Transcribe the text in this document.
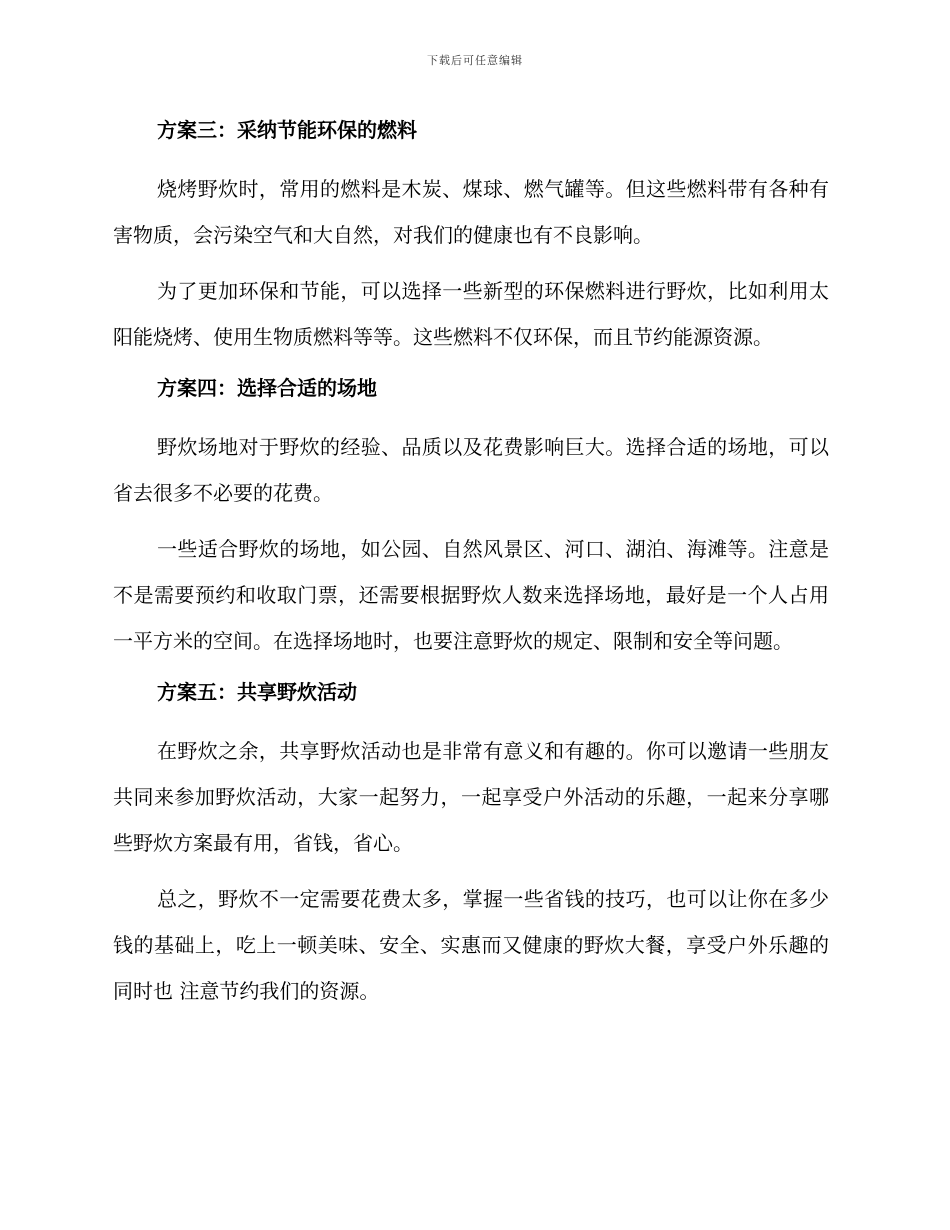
下载后可任意编辑
方案三：采纳节能环保的燃料

烧烤野炊时，常用的燃料是木炭、煤球、燃气罐等。但这些燃料带有各种有害物质，会污染空气和大自然，对我们的健康也有不良影响。

为了更加环保和节能，可以选择一些新型的环保燃料进行野炊，比如利用太阳能烧烤、使用生物质燃料等等。这些燃料不仅环保，而且节约能源资源。

方案四：选择合适的场地

野炊场地对于野炊的经验、品质以及花费影响巨大。选择合适的场地，可以省去很多不必要的花费。

一些适合野炊的场地，如公园、自然风景区、河口、湖泊、海滩等。注意是不是需要预约和收取门票，还需要根据野炊人数来选择场地，最好是一个人占用一平方米的空间。在选择场地时，也要注意野炊的规定、限制和安全等问题。

方案五：共享野炊活动

在野炊之余，共享野炊活动也是非常有意义和有趣的。你可以邀请一些朋友共同来参加野炊活动，大家一起努力，一起享受户外活动的乐趣，一起来分享哪些野炊方案最有用，省钱，省心。

总之，野炊不一定需要花费太多，掌握一些省钱的技巧，也可以让你在多少钱的基础上，吃上一顿美味、安全、实惠而又健康的野炊大餐，享受户外乐趣的同时也 注意节约我们的资源。
